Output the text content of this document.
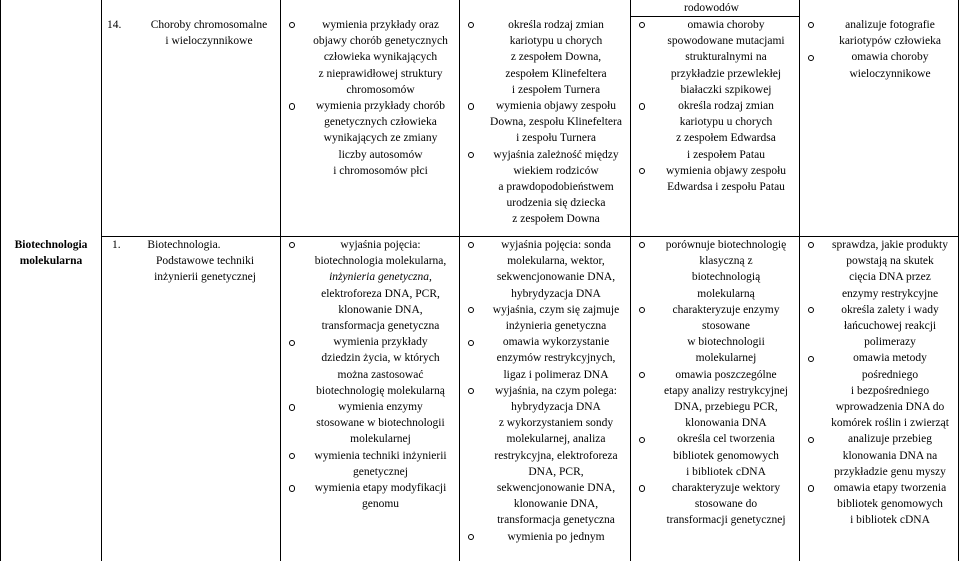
rodowodów
14.	Choroby chromosomalne
i wieloczynnikowe
wymienia przykłady oraz
objawy chorób genetycznych
człowieka wynikających
z nieprawidłowej struktury
chromosomów
wymienia przykłady chorób
genetycznych człowieka
wynikających ze zmiany
liczby autosomów
i chromosomów płci
określa rodzaj zmian
kariotypu u chorych
z zespołem Downa,
zespołem Klinefeltera
i zespołem Turnera
wymienia objawy zespołu
Downa, zespołu Klinefeltera
i zespołu Turnera
wyjaśnia zależność między
wiekiem rodziców
a prawdopodobieństwem
urodzenia się dziecka
z zespołem Downa
omawia choroby
spowodowane mutacjami
strukturalnymi na
przykładzie przewlekłej
białaczki szpikowej
określa rodzaj zmian
kariotypu u chorych
z zespołem Edwardsa
i zespołem Patau
wymienia objawy zespołu
Edwardsa i zespołu Patau
analizuje fotografie
kariotypów człowieka
omawia choroby
wieloczynnikowe
Biotechnologia
molekularna
1.	Biotechnologia.
Podstawowe techniki
inżynierii genetycznej
wyjaśnia pojęcia:
biotechnologia molekularna,
inżynieria genetyczna,
elektroforeza DNA, PCR,
klonowanie DNA,
transformacja genetyczna
wymienia przykłady
dziedzin życia, w których
można zastosować
biotechnologię molekularną
wymienia enzymy
stosowane w biotechnologii
molekularnej
wymienia techniki inżynierii
genetycznej
wymienia etapy modyfikacji
genomu
wyjaśnia pojęcia: sonda
molekularna, wektor,
sekwencjonowanie DNA,
hybrydyzacja DNA
wyjaśnia, czym się zajmuje
inżynieria genetyczna
omawia wykorzystanie
enzymów restrykcyjnych,
ligaz i polimeraz DNA
wyjaśnia, na czym polega:
hybrydyzacja DNA
z wykorzystaniem sondy
molekularnej, analiza
restrykcyjna, elektroforeza
DNA, PCR,
sekwencjonowanie DNA,
klonowanie DNA,
transformacja genetyczna
wymienia po jednym
porównuje biotechnologię
klasyczną z
biotechnologią
molekularną
charakteryzuje enzymy
stosowane
w biotechnologii
molekularnej
omawia poszczególne
etapy analizy restrykcyjnej
DNA, przebiegu PCR,
klonowania DNA
określa cel tworzenia
bibliotek genomowych
i bibliotek cDNA
charakteryzuje wektory
stosowane do
transformacji genetycznej
sprawdza, jakie produkty
powstają na skutek
cięcia DNA przez
enzymy restrykcyjne
określa zalety i wady
łańcuchowej reakcji
polimerazy
omawia metody
pośredniego
i bezpośredniego
wprowadzenia DNA do
komórek roślin i zwierząt
analizuje przebieg
klonowania DNA na
przykładzie genu myszy
omawia etapy tworzenia
bibliotek genomowych
i bibliotek cDNA
